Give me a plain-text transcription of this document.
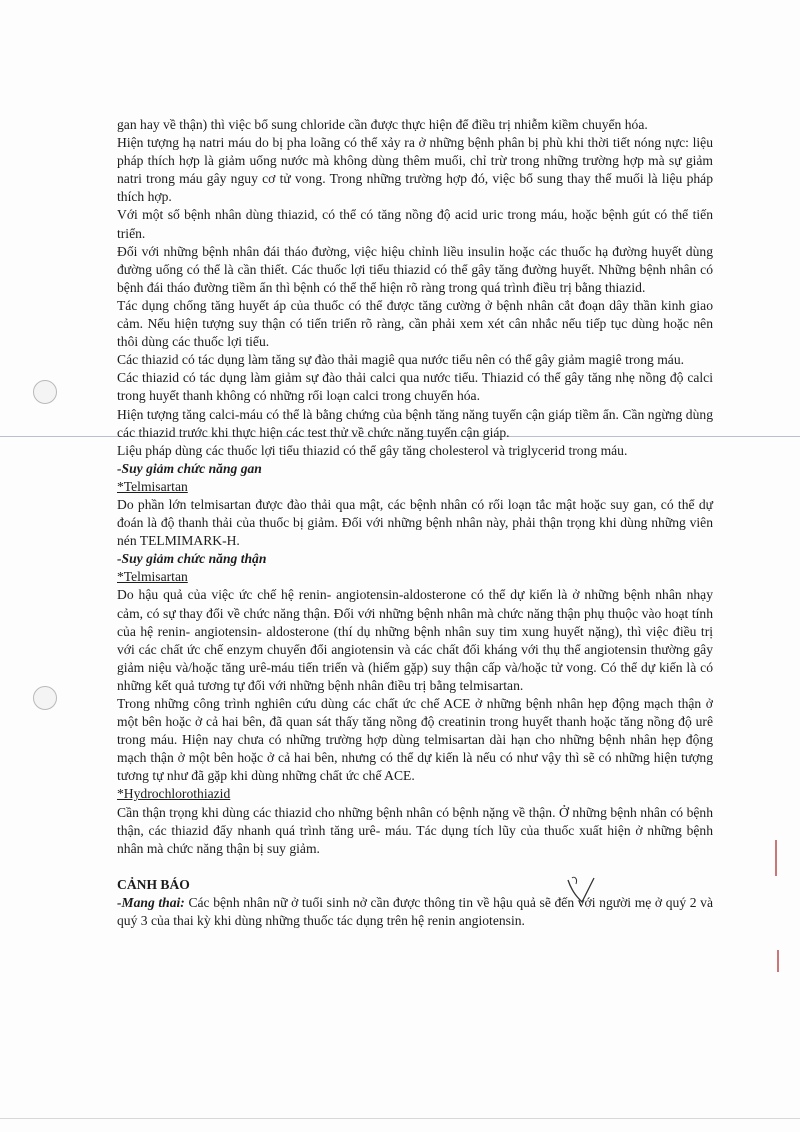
gan hay về thận) thì việc bổ sung chloride cần được thực hiện để điều trị nhiễm kiềm chuyển hóa.

Hiện tượng hạ natri máu do bị pha loãng có thể xảy ra ở những bệnh phân bị phù khi thời tiết nóng nực: liệu pháp thích hợp là giảm uống nước mà không dùng thêm muối, chỉ trừ trong những trường hợp mà sự giảm natri trong máu gây nguy cơ tử vong. Trong những trường hợp đó, việc bổ sung thay thế muối là liệu pháp thích hợp.

Với một số bệnh nhân dùng thiazid, có thể có tăng nồng độ acid uric trong máu, hoặc bệnh gút có thể tiến triển.

Đối với những bệnh nhân đái tháo đường, việc hiệu chỉnh liều insulin hoặc các thuốc hạ đường huyết dùng đường uống có thể là cần thiết. Các thuốc lợi tiểu thiazid có thể gây tăng đường huyết. Những bệnh nhân có bệnh đái tháo đường tiềm ẩn thì bệnh có thể thể hiện rõ ràng trong quá trình điều trị bằng thiazid.

Tác dụng chống tăng huyết áp của thuốc có thể được tăng cường ở bệnh nhân cắt đoạn dây thần kinh giao cảm. Nếu hiện tượng suy thận có tiến triển rõ ràng, cần phải xem xét cân nhắc nếu tiếp tục dùng hoặc nên thôi dùng các thuốc lợi tiểu.

Các thiazid có tác dụng làm tăng sự đào thải magiê qua nước tiểu nên có thể gây giảm magiê trong máu.

Các thiazid có tác dụng làm giảm sự đào thải calci qua nước tiểu. Thiazid có thể gây tăng nhẹ nồng độ calci trong huyết thanh không có những rối loạn calci trong chuyển hóa.

Hiện tượng tăng calci-máu có thể là bằng chứng của bệnh tăng năng tuyến cận giáp tiềm ẩn. Cần ngừng dùng các thiazid trước khi thực hiện các test thử về chức năng tuyến cận giáp.

Liệu pháp dùng các thuốc lợi tiểu thiazid có thể gây tăng cholesterol và triglycerid trong máu.

-Suy giảm chức năng gan

*Telmisartan

Do phần lớn telmisartan được đào thải qua mật, các bệnh nhân có rối loạn tắc mật hoặc suy gan, có thể dự đoán là độ thanh thải của thuốc bị giảm. Đối với những bệnh nhân này, phải thận trọng khi dùng những viên nén TELMIMARK-H.

-Suy giảm chức năng thận

*Telmisartan

Do hậu quả của việc ức chế hệ renin- angiotensin-aldosterone có thể dự kiến là ở những bệnh nhân nhạy cảm, có sự thay đổi về chức năng thận. Đối với những bệnh nhân mà chức năng thận phụ thuộc vào hoạt tính của hệ renin- angiotensin- aldosterone (thí dụ những bệnh nhân suy tim xung huyết nặng), thì việc điều trị với các chất ức chế enzym chuyển đổi angiotensin và các chất đối kháng với thụ thể angiotensin thường gây giảm niệu và/hoặc tăng urê-máu tiến triển và (hiếm gặp) suy thận cấp và/hoặc tử vong. Có thể dự kiến là có những kết quả tương tự đối với những bệnh nhân điều trị bằng telmisartan.

Trong những công trình nghiên cứu dùng các chất ức chế ACE ở những bệnh nhân hẹp động mạch thận ở một bên hoặc ở cả hai bên, đã quan sát thấy tăng nồng độ creatinin trong huyết thanh hoặc tăng nồng độ urê trong máu. Hiện nay chưa có những trường hợp dùng telmisartan dài hạn cho những bệnh nhân hẹp động mạch thận ở một bên hoặc ở cả hai bên, nhưng có thể dự kiến là nếu có như vậy thì sẽ có những hiện tượng tương tự như đã gặp khi dùng những chất ức chế ACE.

*Hydrochlorothiazid

Cần thận trọng khi dùng các thiazid cho những bệnh nhân có bệnh nặng về thận. Ở những bệnh nhân có bệnh thận, các thiazid đẩy nhanh quá trình tăng urê- máu. Tác dụng tích lũy của thuốc xuất hiện ở những bệnh nhân mà chức năng thận bị suy giảm.

CẢNH BÁO

-Mang thai: Các bệnh nhân nữ ở tuổi sinh nở cần được thông tin về hậu quả sẽ đến với người mẹ ở quý 2 và quý 3 của thai kỳ khi dùng những thuốc tác dụng trên hệ renin angiotensin.
